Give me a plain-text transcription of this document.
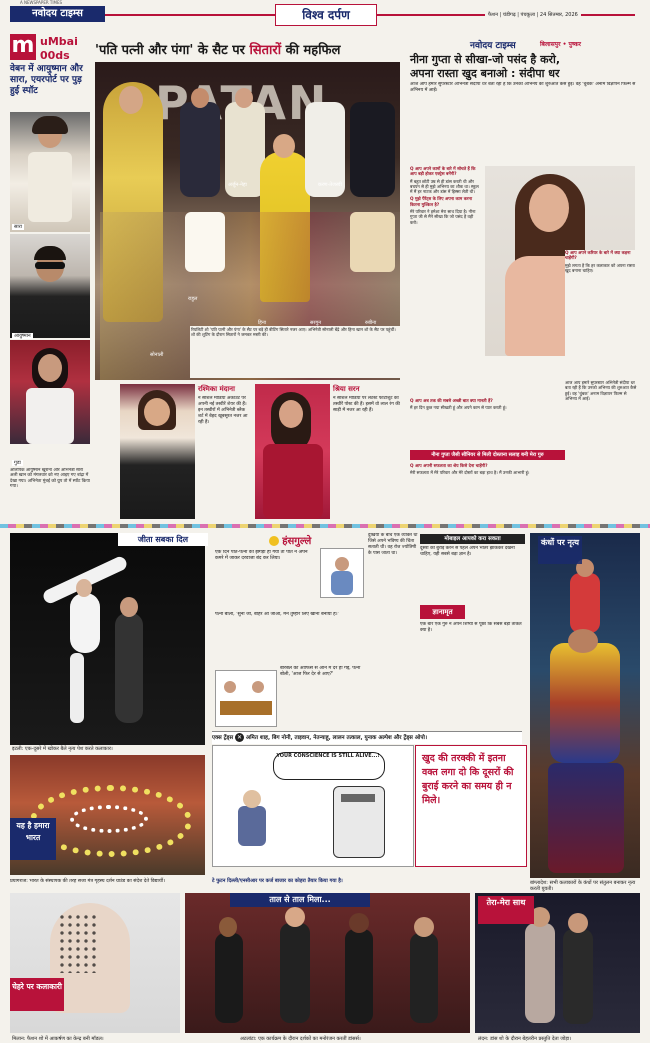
A NEWSPAPER TIMES
नवोदय टाइम्स	विश्व दर्पण	फैशन | चंडीगढ़ | पंचकूला | 24 सितम्बर, 2026
m uMbai
00ds
वेबन में आयुष्मान और सारा, एयरपोर्ट पर पुड़ हुई स्पॉट
सारा
आयुष्मान
गुडा
ओलंपिक आयुष्मान खुराना और अभिनेत्री सारा अली खान को मंगलवार को नए आइए गए बांद्रा में देखा गया। अभिनेता मुंबई को ग्रुप तो में स्पॉट किया गया।
'पति पत्नी और पंगा' के सैट पर सितारों की महफिल
अर्जुन-नेहा	करण-तेजस्वी
राहुल
सोनाली
हिना	सरगुन	रुबीना
रियलिटी शो 'पति पत्नी और पंगा' के सैट पर बड़े ही बीटिंग सितारे नजर आए। अभिनेत्री सोनाली बेंद्रे और हिना खान शो के सैट पर पहुंचीं। शो की शूटिंग के दौरान सितारों ने जमकर मस्ती की।
रश्मिका मंदाना
ने सोशल मीडिया अकाउंट पर अपनी नई तस्वीरें शेयर की हैं। इन तस्वीरों में अभिनेत्री ब्लैक शर्ट में बेहद खूबसूरत नजर आ रही हैं।
श्रिया सरन
ने सोशल मीडिया पर लेटेस्ट फोटोशूट की तस्वीरें पोस्ट की हैं। इसमें वो लाल रंग की साड़ी में नजर आ रही हैं।
नवोदय टाइम्स	बिलासपुर • पुष्कर
नीना गुप्ता से सीखा-जो पसंद है करो,
अपना रास्ता खुद बनाओ : संदीपा धर
आज आप हमारे सुपरस्टार अभिनेत्री संदीपा धर बता रही हैं कि उनको अभिनय की शुरुआत कैसे हुई। वह 'चुंबक' अनाम विज्ञापन फिल्म से अभिनय में आईं।

Q आप अपने कामों के बारे में सोचते हैं कि आप बड़ी होकर एक्ट्रेस बनेंगी?

मैं बहुत छोटी उम्र से ही डांस करती थी और बचपन से ही मुझे अभिनय का शौक था। स्कूल में मैं हर नाटक और डांस में हिस्सा लेती थी।

Q मुझे पैरेंट्स के लिए अपना काम करना कितना मुश्किल है?

मेरे परिवार ने हमेशा मेरा साथ दिया है। नीना गुप्ता जी से मैंने सीखा कि जो पसंद है वही करो।

Q आप अपने करियर के बारे में क्या कहना चाहेंगी?

मुझे लगता है कि हर कलाकार को अपना रास्ता खुद बनाना चाहिए।

Q आप अब तक की सबसे अच्छी बात क्या मानती हैं?

मैं हर दिन कुछ नया सीखती हूं और अपने काम से प्यार करती हूं।

नीना गुप्ता जैसी सीनियर से मिली दोस्ताना सलाह बनी मेरा गुरु

Q आप अपनी सफलता का श्रेय किसे देना चाहेंगी?

मेरी सफलता में मेरे परिवार और मेरे दोस्तों का बड़ा हाथ है। मैं उनकी आभारी हूं।

आज आप हमारे सुपरस्टार अभिनेत्री संदीपा धर बता रही हैं कि उनको अभिनय की शुरुआत कैसे हुई। वह 'चुंबक' अनाम विज्ञापन फिल्म से अभिनय में आईं।

जीता सबका दिल
इटली: एक-दूसरे में खोकर बैले नृत्य पेश करते कलाकार।
हंसगुल्ले
एक दिन पति-पत्नी का झगड़ा हो गया तो पति ने अपने कमरे में जाकर दरवाजा बंद कर लिया।
पत्नी बोली, 'सुनो जी, बाहर आ जाओ, मैंने तुम्हारे लिए खाना बनाया है।'
बीरबल को ऑफिस से आने में देर हो गई, पत्नी बोली, 'आज फिर देर से आए?'
दुखियों के बीच एक व्यक्ति था जिसे अपने भविष्य की चिंता सताती थी। वह रोज ज्योतिषी के पास जाता था।
ज्ञानामृत
एक बार एक गुरु ने अपने शिष्यों से पूछा कि सबसे बड़ी ताकत क्या है।
मोबाइल आपको करा सकता
दूसरों की बुराई करने से पहले अपने भीतर झांककर देखना चाहिए, यही सबसे बड़ा ज्ञान है।
कंधों पर नृत्य
बांग्लादेश: सभी कलाकारों के कंधों पर संतुलन बनाकर नृत्य करती युवती।
यह है हमारा भारत
प्रयागराज: भारत के संस्थापक की तरह सजा मंत्र गृहस्थ दर्शन ग्राउंड का संदेश देते विद्यार्थी।
एक्स ट्रेंड्स ✕ अमित शाह, बिग नोनी, ताइवान, नेतन्याहू, लालन तत्काल, युनाक अल्पेश और ट्रेंड्स ओपो।
YOUR CONSCIENCE IS STILL ALIVE...!
टे फुटन दिल्ली/एनसीआर पर कर्ज बाजार का कोहरा तैयार किया गया है।
खुद की तरक्की में इतना वक्त लगा दो कि दूसरों की बुराई करने का समय ही न मिले।
चेहरे पर कलाकारी
मिलान: फैशन शो में आकर्षण का केन्द्र बनी मॉडल।
ताल से ताल मिला...
अटलांटा: एक कार्यक्रम के दौरान दर्शकों का मनोरंजन करतीं डांसर्स।
तेरा-मेरा साथ
लंदन: डांस शो के दौरान बेहतरीन प्रस्तुति देता जोड़ा।
